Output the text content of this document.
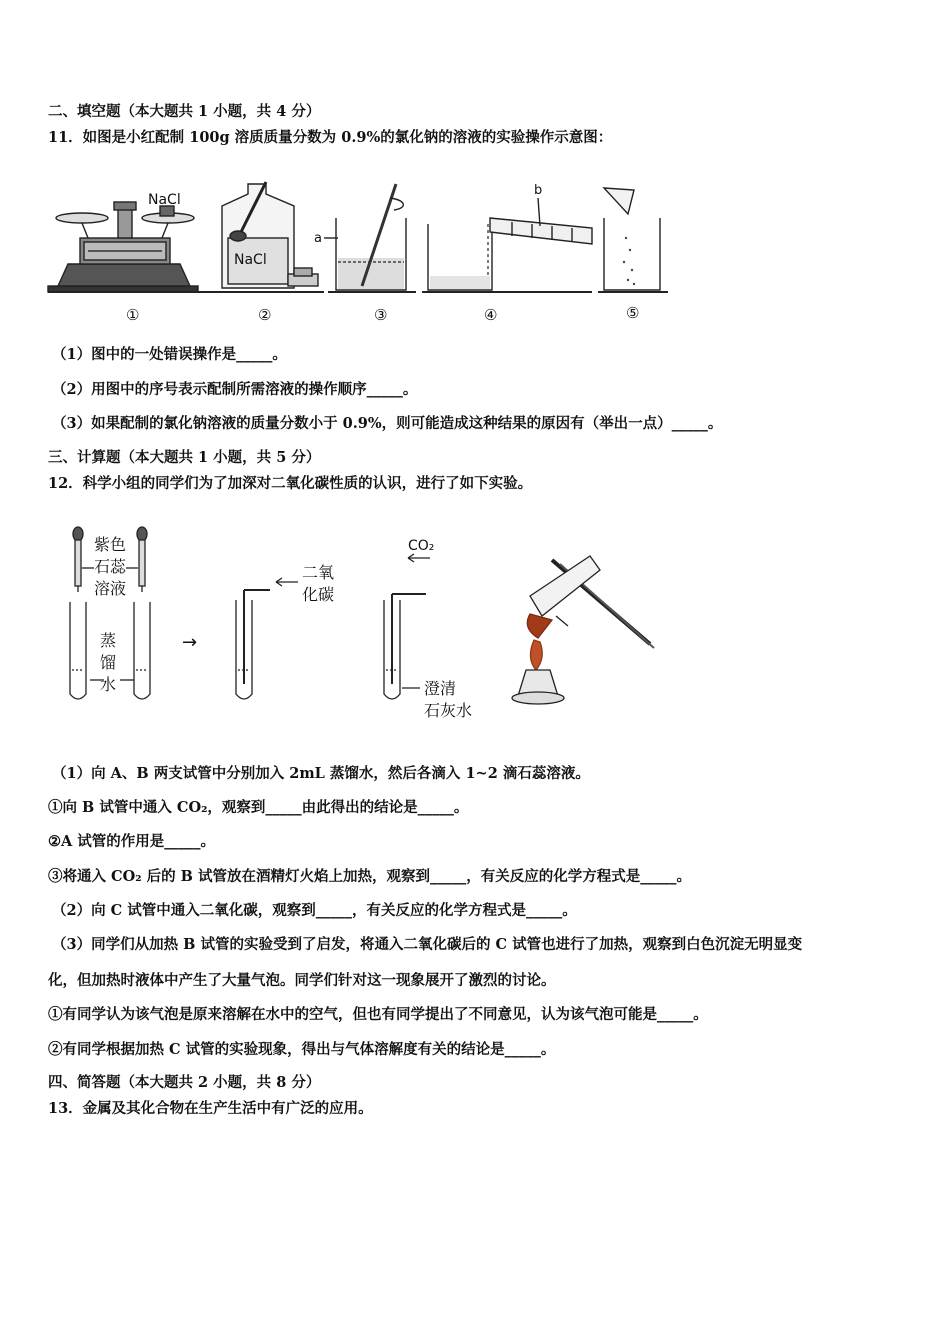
二、填空题（本大题共 1 小题，共 4 分）
11．如图是小红配制 100g 溶质质量分数为 0.9%的氯化钠的溶液的实验操作示意图：
NaCl
NaCl
a
b
①	②	③	④	⑤
（1）图中的一处错误操作是_____。
（2）用图中的序号表示配制所需溶液的操作顺序_____。
（3）如果配制的氯化钠溶液的质量分数小于 0.9%，则可能造成这种结果的原因有（举出一点）_____。
三、计算题（本大题共 1 小题，共 5 分）
12．科学小组的同学们为了加深对二氧化碳性质的认识，进行了如下实验。
紫色
石蕊
溶液
蒸
馏
水
→
二氧
化碳
CO₂
澄清
石灰水
（1）向 A、B 两支试管中分别加入 2mL 蒸馏水，然后各滴入 1~2 滴石蕊溶液。
①向 B 试管中通入 CO₂，观察到_____由此得出的结论是_____。
②A 试管的作用是_____。
③将通入 CO₂ 后的 B 试管放在酒精灯火焰上加热，观察到_____，有关反应的化学方程式是_____。
（2）向 C 试管中通入二氧化碳，观察到_____，有关反应的化学方程式是_____。
（3）同学们从加热 B 试管的实验受到了启发，将通入二氧化碳后的 C 试管也进行了加热，观察到白色沉淀无明显变
化，但加热时液体中产生了大量气泡。同学们针对这一现象展开了激烈的讨论。
①有同学认为该气泡是原来溶解在水中的空气，但也有同学提出了不同意见，认为该气泡可能是_____。
②有同学根据加热 C 试管的实验现象，得出与气体溶解度有关的结论是_____。
四、简答题（本大题共 2 小题，共 8 分）
13．金属及其化合物在生产生活中有广泛的应用。
